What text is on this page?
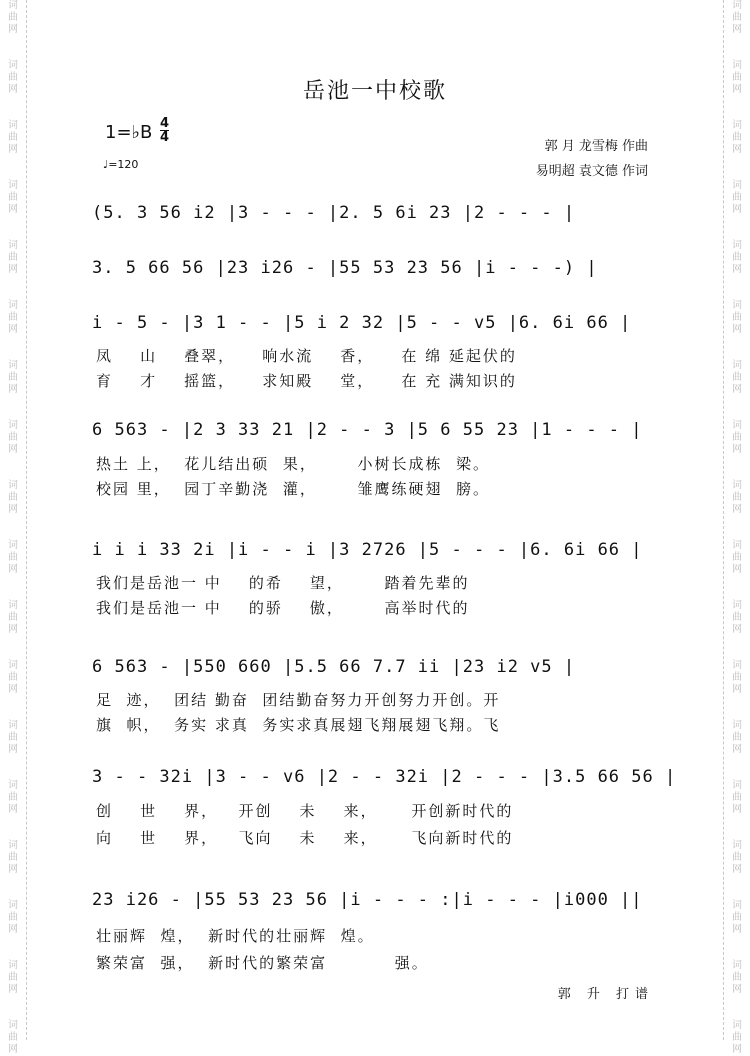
词曲网
词曲网
词曲网
词曲网
词曲网
词曲网
词曲网
词曲网
词曲网
词曲网
词曲网
词曲网
词曲网
词曲网
词曲网
词曲网
词曲网
词曲网
词曲网
词曲网
词曲网
词曲网
词曲网
词曲网
词曲网
词曲网
词曲网
词曲网
词曲网
词曲网
词曲网
词曲网
词曲网
词曲网
词曲网
词曲网
岳池一中校歌
1=♭B 4
4
♩=120
郭 月 龙雪梅 作曲
易明超 袁文德 作词
(5. 3 56 i2 |3 - - - |2. 5 6i 23 |2 - - - |
3. 5 66 56 |23 i26 - |55 53 23 56 |i - - -) |
i - 5 - |3 1 - - |5 i 2 32 |5 - - v5 |6. 6i 66 |
凤    山    叠翠，    响水流    香，    在 绵 延起伏的
育    才    摇篮，    求知殿    堂，    在 充 满知识的
6 563 - |2 3 33 21 |2 - - 3 |5 6 55 23 |1 - - - |
热土 上，  花儿结出硕  果，      小树长成栋  梁。
校园 里，  园丁辛勤浇  灌，      雏鹰练硬翅  膀。
i i i 33 2i |i - - i |3 2726 |5 - - - |6. 6i 66 |
我们是岳池一 中    的希    望，      踏着先辈的
我们是岳池一 中    的骄    傲，      高举时代的
6 563 - |550 660 |5.5 66 7.7 ii |23 i2 v5 |
足  迹，  团结 勤奋  团结勤奋努力开创努力开创。开
旗  帜，  务实 求真  务实求真展翅飞翔展翅飞翔。飞
3 - - 32i |3 - - v6 |2 - - 32i |2 - - - |3.5 66 56 |
创    世    界，   开创    未    来，     开创新时代的
向    世    界，   飞向    未    来，     飞向新时代的
23 i26 - |55 53 23 56 |i - - - :|i - - - |i000 ||
壮丽辉  煌，  新时代的壮丽辉  煌。
繁荣富  强，  新时代的繁荣富          强。
郭 升 打谱
